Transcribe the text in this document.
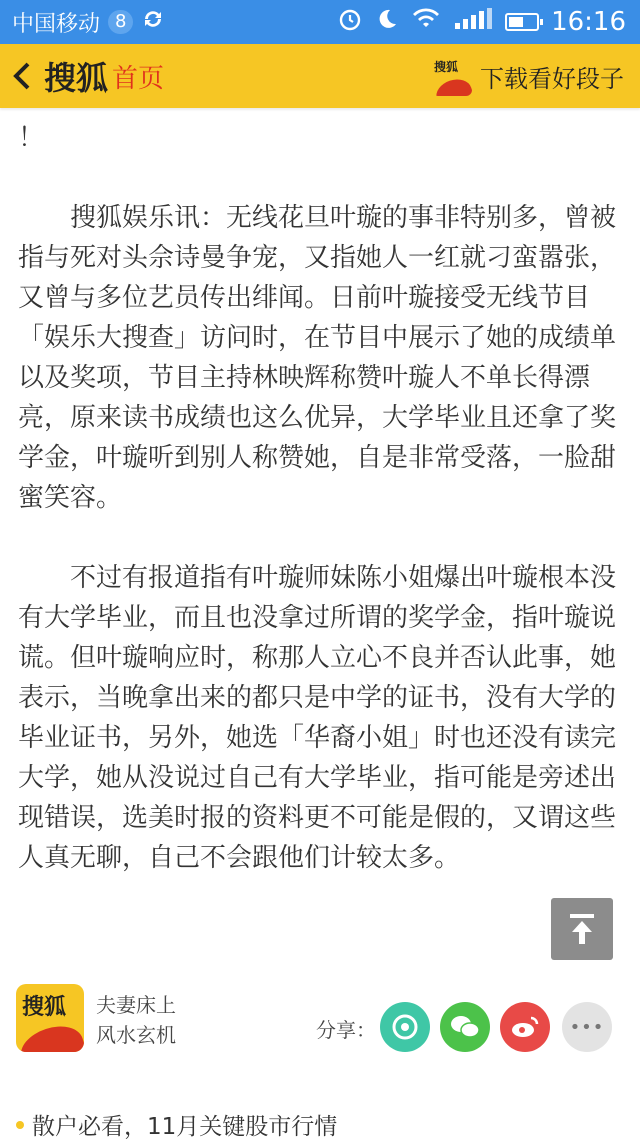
中国移动 8	16:16
搜狐 首页	搜狐 下载看好段子

！

搜狐娱乐讯：无线花旦叶璇的事非特别多，曾被指与死对头佘诗曼争宠，又指她人一红就刁蛮嚣张，又曾与多位艺员传出绯闻。日前叶璇接受无线节目「娱乐大搜查」访问时，在节目中展示了她的成绩单以及奖项，节目主持林映辉称赞叶璇人不单长得漂亮，原来读书成绩也这么优异，大学毕业且还拿了奖学金，叶璇听到别人称赞她，自是非常受落，一脸甜蜜笑容。

不过有报道指有叶璇师妹陈小姐爆出叶璇根本没有大学毕业，而且也没拿过所谓的奖学金，指叶璇说谎。但叶璇响应时，称那人立心不良并否认此事，她表示，当晚拿出来的都只是中学的证书，没有大学的毕业证书，另外，她选「华裔小姐」时也还没有读完大学，她从没说过自己有大学毕业，指可能是旁述出现错误，选美时报的资料更不可能是假的，又谓这些人真无聊，自己不会跟他们计较太多。

搜狐 夫妻床上
风水玄机	分享：	•••
散户必看，11月关键股市行情
